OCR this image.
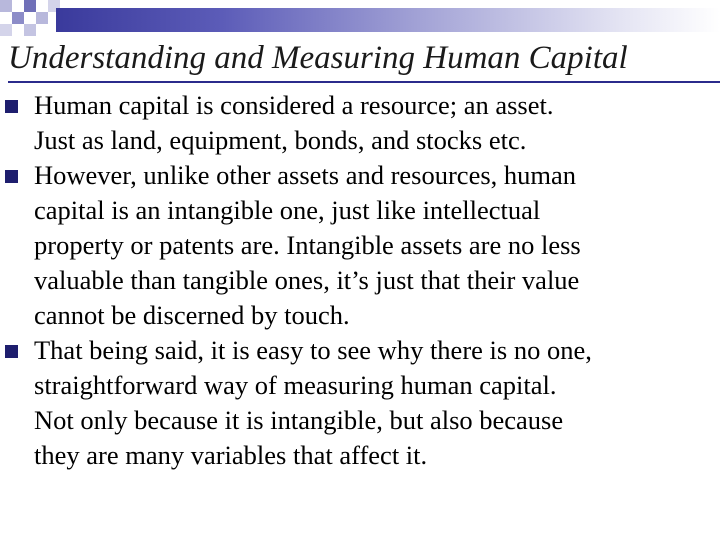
Understanding and Measuring Human Capital
Human capital is considered a resource; an asset.
Just as land, equipment, bonds, and stocks etc.
However, unlike other assets and resources, human
capital is an intangible one, just like intellectual
property or patents are. Intangible assets are no less
valuable than tangible ones, it’s just that their value
cannot be discerned by touch.
That being said, it is easy to see why there is no one,
straightforward way of measuring human capital.
Not only because it is intangible, but also because
they are many variables that affect it.
